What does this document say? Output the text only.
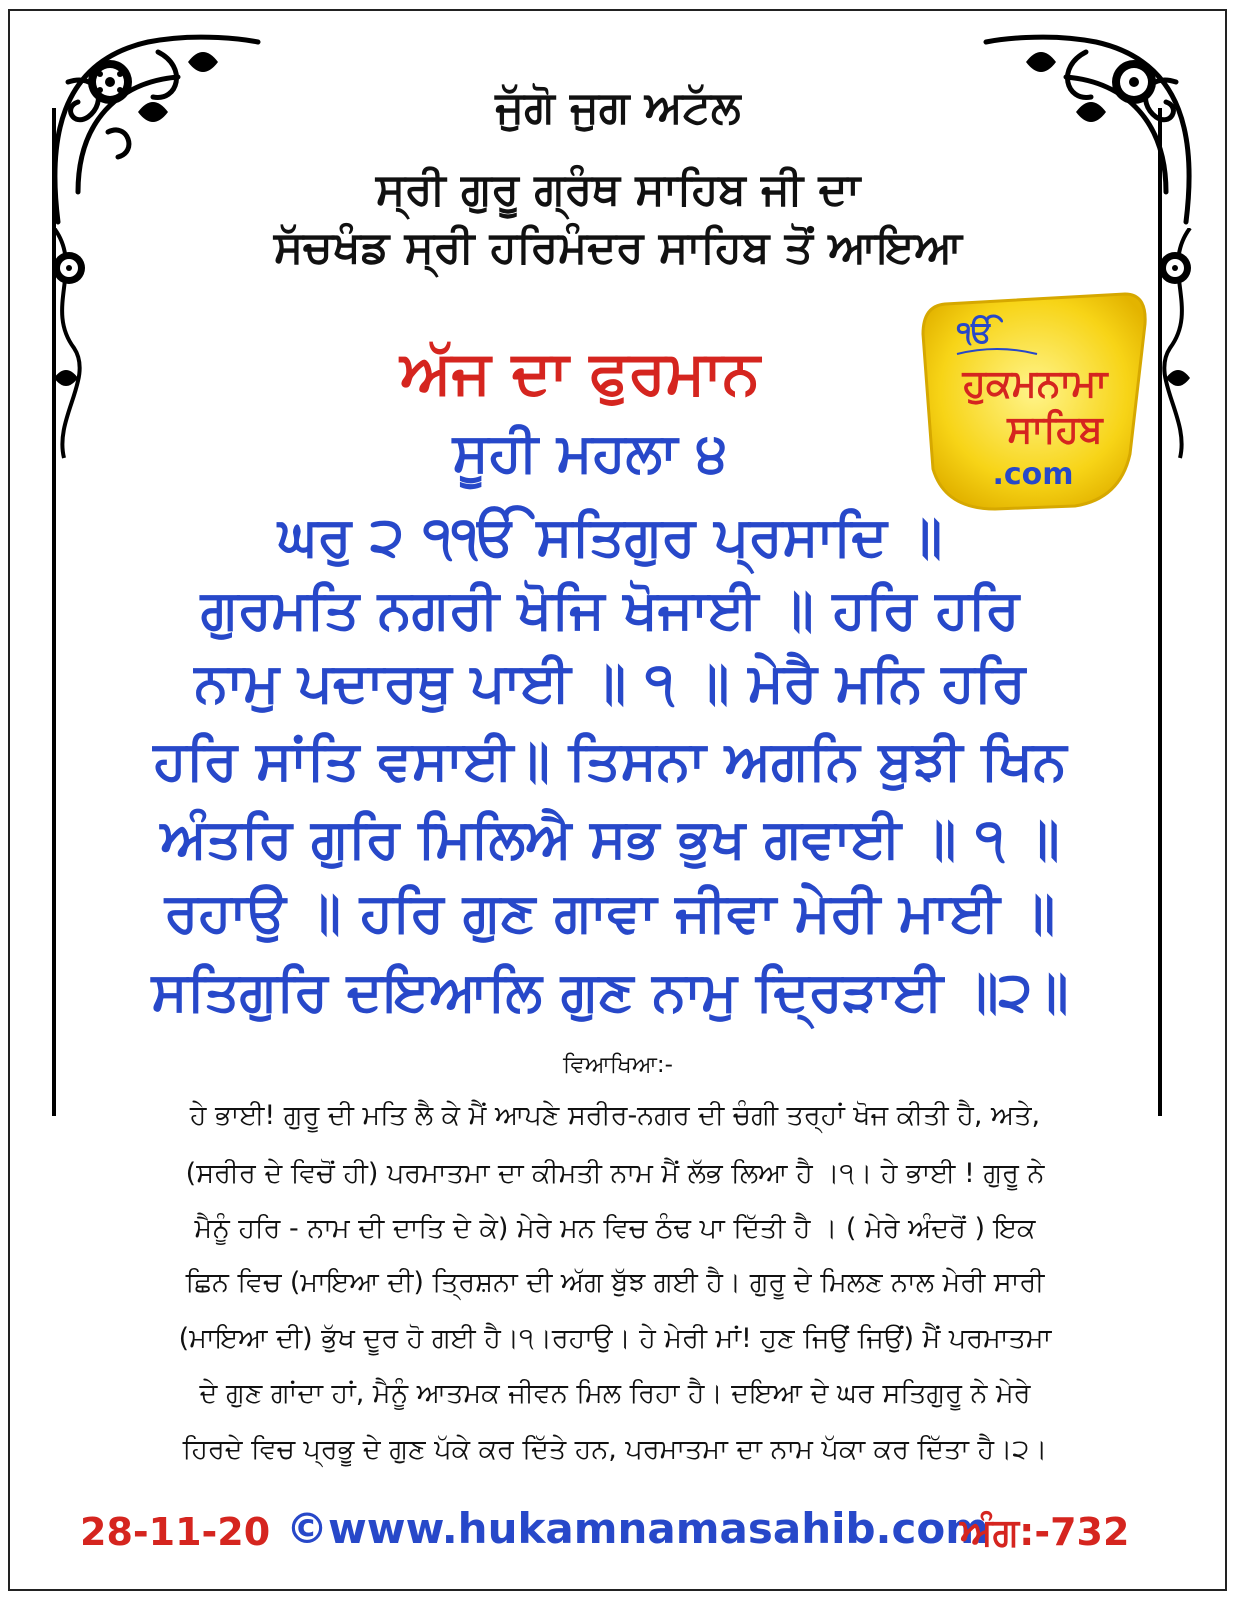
ਜੁੱਗੋ ਜੁਗ ਅਟੱਲ
ਸ੍ਰੀ ਗੁਰੂ ਗ੍ਰੰਥ ਸਾਹਿਬ ਜੀ ਦਾ
ਸੱਚਖੰਡ ਸ੍ਰੀ ਹਰਿਮੰਦਰ ਸਾਹਿਬ ਤੋਂ ਆਇਆ
ਅੱਜ ਦਾ ਫੁਰਮਾਨ
ੴ
ਹੁਕਮਨਾਮਾ
ਸਾਹਿਬ
.com
ਸੂਹੀ ਮਹਲਾ ੪
ਘਰੁ ੨ ੧ੴ ਸਤਿਗੁਰ ਪ੍ਰਸਾਦਿ ॥
ਗੁਰਮਤਿ ਨਗਰੀ ਖੋਜਿ ਖੋਜਾਈ ॥ ਹਰਿ ਹਰਿ
ਨਾਮੁ ਪਦਾਰਥੁ ਪਾਈ ॥ ੧ ॥ ਮੇਰੈ ਮਨਿ ਹਰਿ
ਹਰਿ ਸਾਂਤਿ ਵਸਾਈ॥ ਤਿਸਨਾ ਅਗਨਿ ਬੁਝੀ ਖਿਨ
ਅੰਤਰਿ ਗੁਰਿ ਮਿਲਿਐ ਸਭ ਭੁਖ ਗਵਾਈ ॥ ੧ ॥
ਰਹਾਉ ॥ ਹਰਿ ਗੁਣ ਗਾਵਾ ਜੀਵਾ ਮੇਰੀ ਮਾਈ ॥
ਸਤਿਗੁਰਿ ਦਇਆਲਿ ਗੁਣ ਨਾਮੁ ਦ੍ਰਿੜਾਈ ॥੨॥
ਵਿਆਖਿਆ:-
ਹੇ ਭਾਈ! ਗੁਰੂ ਦੀ ਮਤਿ ਲੈ ਕੇ ਮੈਂ ਆਪਣੇ ਸਰੀਰ-ਨਗਰ ਦੀ ਚੰਗੀ ਤਰ੍ਹਾਂ ਖੋਜ ਕੀਤੀ ਹੈ, ਅਤੇ,
(ਸਰੀਰ ਦੇ ਵਿਚੋਂ ਹੀ) ਪਰਮਾਤਮਾ ਦਾ ਕੀਮਤੀ ਨਾਮ ਮੈਂ ਲੱਭ ਲਿਆ ਹੈ ।੧। ਹੇ ਭਾਈ ! ਗੁਰੂ ਨੇ
ਮੈਨੂੰ ਹਰਿ - ਨਾਮ ਦੀ ਦਾਤਿ ਦੇ ਕੇ) ਮੇਰੇ ਮਨ ਵਿਚ ਠੰਢ ਪਾ ਦਿੱਤੀ ਹੈ । ( ਮੇਰੇ ਅੰਦਰੋਂ ) ਇਕ
ਛਿਨ ਵਿਚ (ਮਾਇਆ ਦੀ) ਤ੍ਰਿਸ਼ਨਾ ਦੀ ਅੱਗ ਬੁੱਝ ਗਈ ਹੈ। ਗੁਰੂ ਦੇ ਮਿਲਣ ਨਾਲ ਮੇਰੀ ਸਾਰੀ
(ਮਾਇਆ ਦੀ) ਭੁੱਖ ਦੂਰ ਹੋ ਗਈ ਹੈ।੧।ਰਹਾਉ। ਹੇ ਮੇਰੀ ਮਾਂ! ਹੁਣ ਜਿਉਂ ਜਿਉਂ) ਮੈਂ ਪਰਮਾਤਮਾ
ਦੇ ਗੁਣ ਗਾਂਦਾ ਹਾਂ, ਮੈਨੂੰ ਆਤਮਕ ਜੀਵਨ ਮਿਲ ਰਿਹਾ ਹੈ। ਦਇਆ ਦੇ ਘਰ ਸਤਿਗੁਰੂ ਨੇ ਮੇਰੇ
ਹਿਰਦੇ ਵਿਚ ਪ੍ਰਭੂ ਦੇ ਗੁਣ ਪੱਕੇ ਕਰ ਦਿੱਤੇ ਹਨ, ਪਰਮਾਤਮਾ ਦਾ ਨਾਮ ਪੱਕਾ ਕਰ ਦਿੱਤਾ ਹੈ।੨।
28-11-20 ©www.hukamnamasahib.com
ਅੰਗ:-732
